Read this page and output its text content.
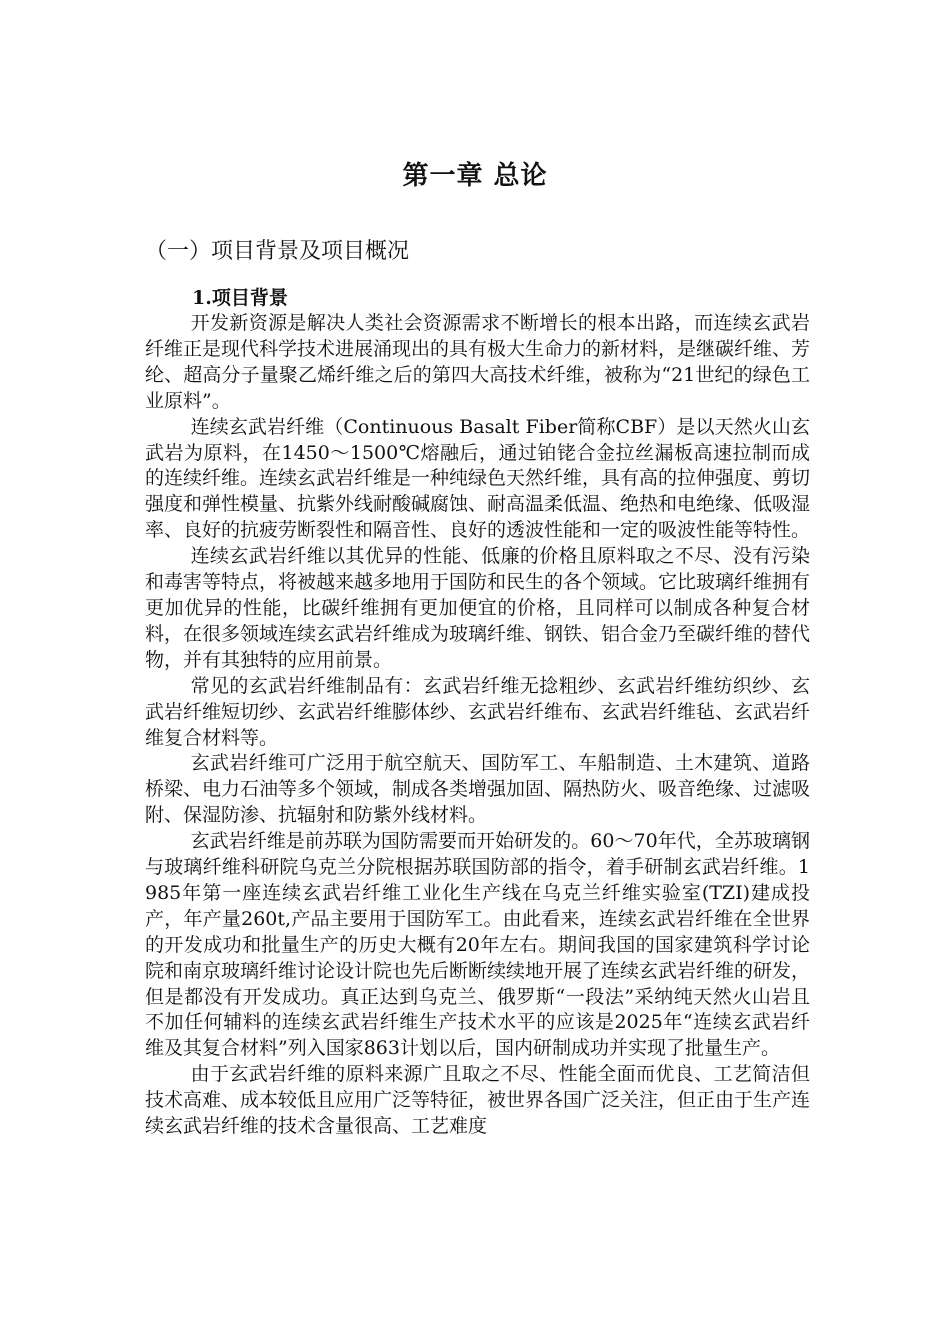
第一章 总论
（一）项目背景及项目概况
1.项目背景

开发新资源是解决人类社会资源需求不断增长的根本出路，而连续玄武岩纤维正是现代科学技术进展涌现出的具有极大生命力的新材料，是继碳纤维、芳纶、超高分子量聚乙烯纤维之后的第四大高技术纤维，被称为“21世纪的绿色工业原料”。

连续玄武岩纤维（Continuous Basalt Fiber简称CBF）是以天然火山玄武岩为原料，在1450～1500℃熔融后，通过铂铑合金拉丝漏板高速拉制而成的连续纤维。连续玄武岩纤维是一种纯绿色天然纤维，具有高的拉伸强度、剪切强度和弹性模量、抗紫外线耐酸碱腐蚀、耐高温柔低温、绝热和电绝缘、低吸湿率、良好的抗疲劳断裂性和隔音性、良好的透波性能和一定的吸波性能等特性。

连续玄武岩纤维以其优异的性能、低廉的价格且原料取之不尽、没有污染和毒害等特点，将被越来越多地用于国防和民生的各个领域。它比玻璃纤维拥有更加优异的性能，比碳纤维拥有更加便宜的价格，且同样可以制成各种复合材料，在很多领域连续玄武岩纤维成为玻璃纤维、钢铁、铝合金乃至碳纤维的替代物，并有其独特的应用前景。

常见的玄武岩纤维制品有：玄武岩纤维无捻粗纱、玄武岩纤维纺织纱、玄武岩纤维短切纱、玄武岩纤维膨体纱、玄武岩纤维布、玄武岩纤维毡、玄武岩纤维复合材料等。

玄武岩纤维可广泛用于航空航天、国防军工、车船制造、土木建筑、道路桥梁、电力石油等多个领域，制成各类增强加固、隔热防火、吸音绝缘、过滤吸附、保湿防渗、抗辐射和防紫外线材料。

玄武岩纤维是前苏联为国防需要而开始研发的。60～70年代，全苏玻璃钢与玻璃纤维科研院乌克兰分院根据苏联国防部的指令，着手研制玄武岩纤维。1985年第一座连续玄武岩纤维工业化生产线在乌克兰纤维实验室(TZI)建成投产，年产量260t,产品主要用于国防军工。由此看来，连续玄武岩纤维在全世界的开发成功和批量生产的历史大概有20年左右。期间我国的国家建筑科学讨论院和南京玻璃纤维讨论设计院也先后断断续续地开展了连续玄武岩纤维的研发，但是都没有开发成功。真正达到乌克兰、俄罗斯“一段法”采纳纯天然火山岩且不加任何辅料的连续玄武岩纤维生产技术水平的应该是2025年“连续玄武岩纤维及其复合材料”列入国家863计划以后，国内研制成功并实现了批量生产。

由于玄武岩纤维的原料来源广且取之不尽、性能全面而优良、工艺简洁但技术高难、成本较低且应用广泛等特征，被世界各国广泛关注，但正由于生产连续玄武岩纤维的技术含量很高、工艺难度
